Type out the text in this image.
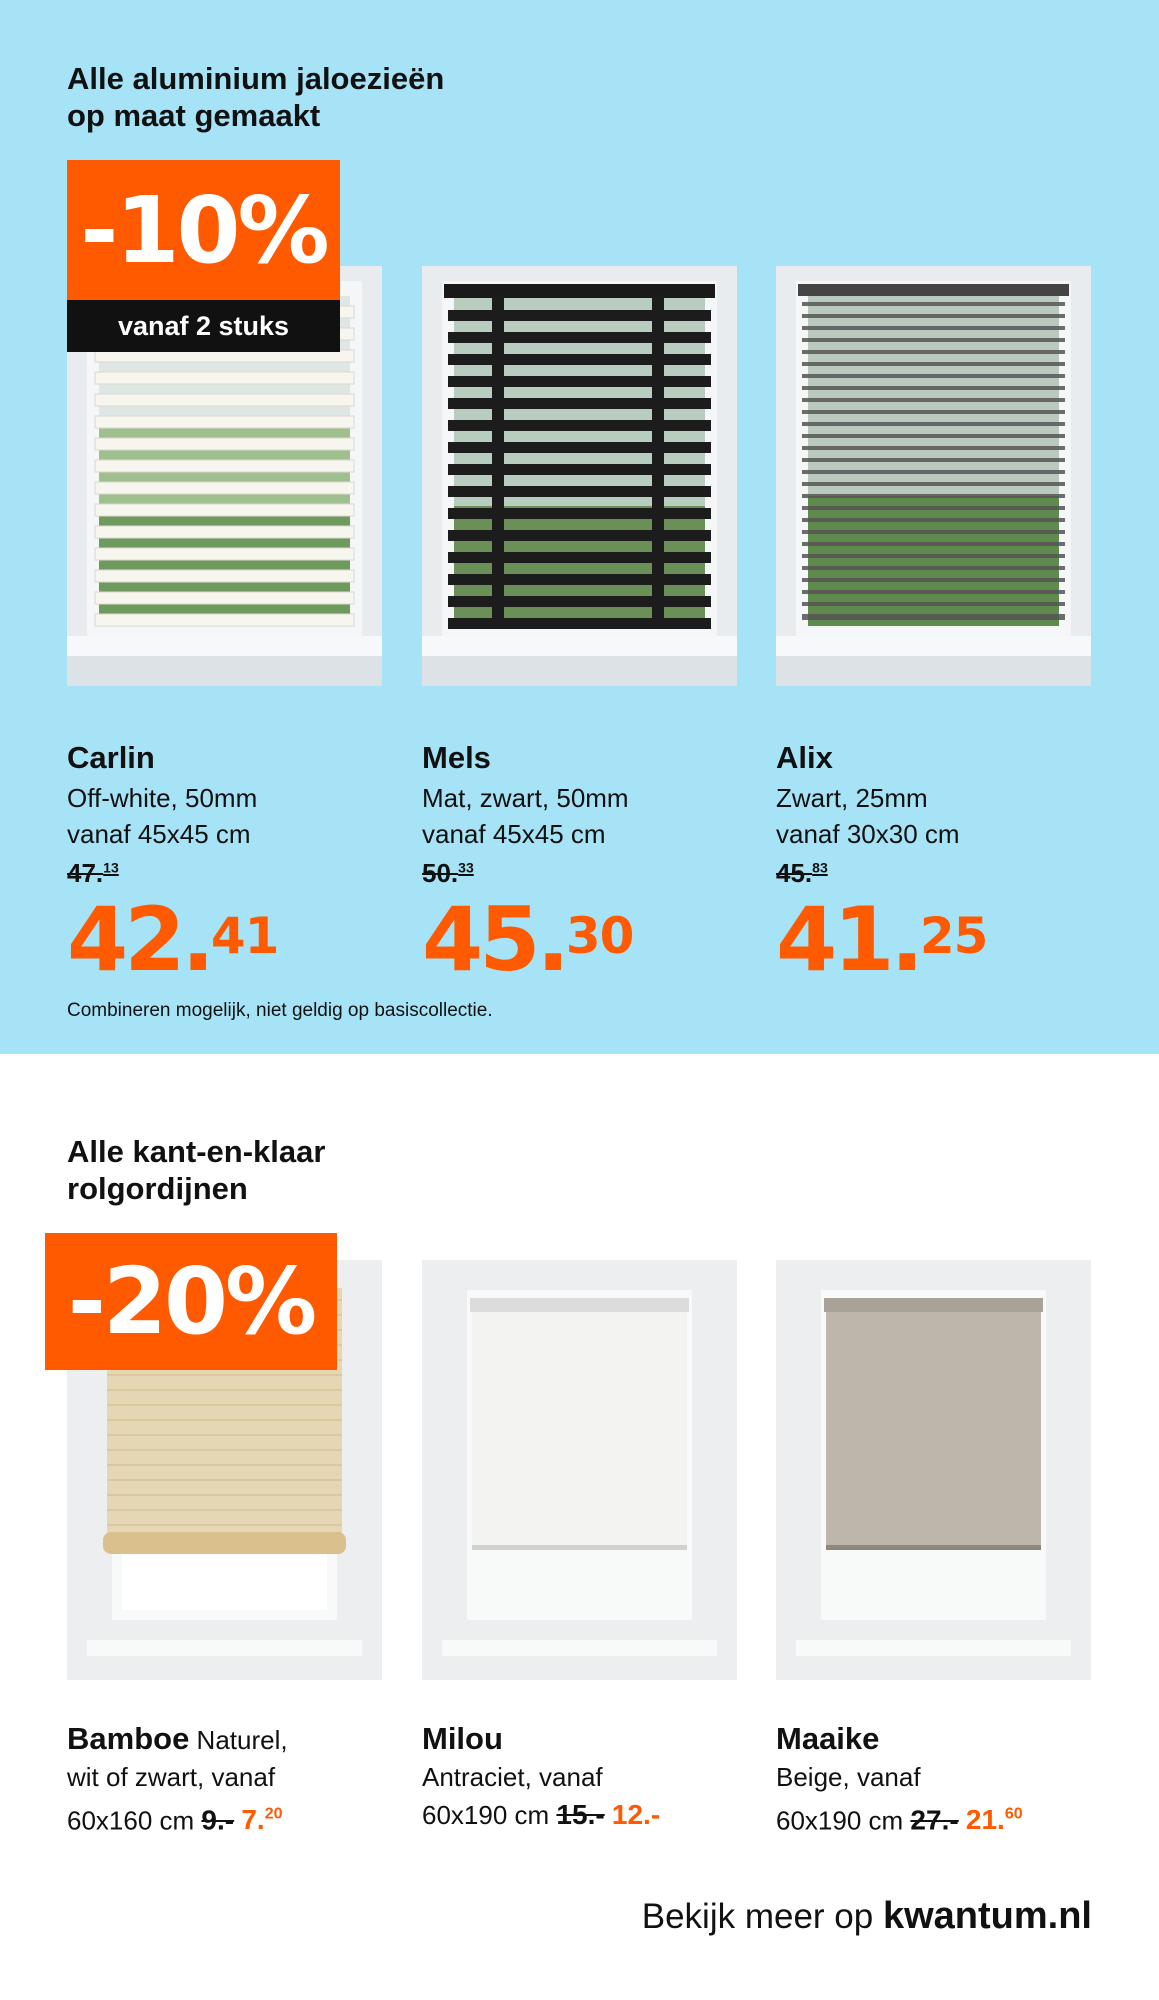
Alle aluminium jaloezieën
op maat gemaakt
-10%
vanaf 2 stuks
Carlin
Off-white, 50mm
vanaf 45x45 cm
47.13
42.41
Mels
Mat, zwart, 50mm
vanaf 45x45 cm
50.33
45.30
Alix
Zwart, 25mm
vanaf 30x30 cm
45.83
41.25
Combineren mogelijk, niet geldig op basiscollectie.
Alle kant-en-klaar
rolgordijnen
-20%
Bamboe Naturel,
wit of zwart, vanaf
60x160 cm 9.- 7.20
Milou
Antraciet, vanaf
60x190 cm 15.- 12.-
Maaike
Beige, vanaf
60x190 cm 27.- 21.60
Bekijk meer op kwantum.nl
